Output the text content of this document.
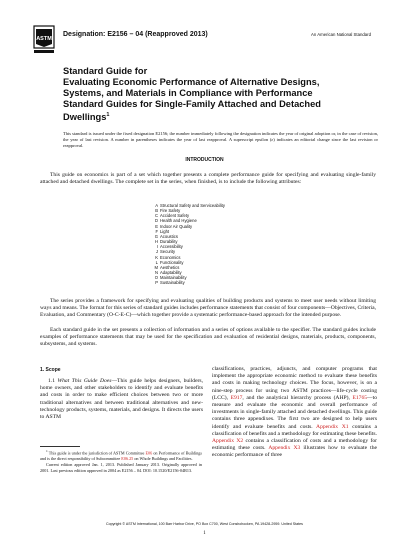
ASTM
Designation: E2156 – 04 (Reapproved 2013)	An American National Standard
Standard Guide for
Evaluating Economic Performance of Alternative Designs,
Systems, and Materials in Compliance with Performance
Standard Guides for Single-Family Attached and Detached
Dwellings$^1$
This standard is issued under the fixed designation E2156; the number immediately following the designation indicates the year of original adoption or, in the case of revision, the year of last revision. A number in parentheses indicates the year of last reapproval. A superscript epsilon (ε) indicates an editorial change since the last revision or reapproval.
INTRODUCTION
This guide on economics is part of a set which together presents a complete performance guide for specifying and evaluating single-family attached and detached dwellings. The complete set in the series, when finished, is to include the following attributes:
A Structural Safety and Serviceability
B Fire Safety
C Accident Safety
D Health and Hygiene
E Indoor Air Quality
F Light
G Acoustics
H Durability
I Accessibility
J Security
K Economics
L Functionality
M Aesthetics
N Adaptability
O Maintainability
P Sustainability
The series provides a framework for specifying and evaluating qualities of building products and systems to meet user needs without limiting ways and means. The format for this series of standard guides includes performance statements that consist of four components—Objectives, Criteria, Evaluation, and Commentary (O-C-E-C)—which together provide a systematic performance-based approach for the intended purpose.
Each standard guide in the set presents a collection of information and a series of options available to the specifier. The standard guides include examples of performance statements that may be used for the specification and evaluation of residential designs, materials, products, components, subsystems, and systems.
1. Scope

1.1 What This Guide Does—This guide helps designers, builders, home owners, and other stakeholders to identify and evaluate benefits and costs in order to make efficient choices between two or more traditional alternatives and between traditional alternatives and new-technology products, systems, materials, and designs. It directs the users to ASTM

classifications, practices, adjuncts, and computer programs that implement the appropriate economic method to evaluate these benefits and costs in making technology choices. The focus, however, is on a nine-step process for using two ASTM practices—life-cycle costing (LCC), E917, and the analytical hierarchy process (AHP), E1765—to measure and evaluate the economic and overall performance of investments in single-family attached and detached dwellings. This guide contains three appendixes. The first two are designed to help users identify and evaluate benefits and costs. Appendix X1 contains a classification of benefits and a methodology for estimating these benefits. Appendix X2 contains a classification of costs and a methodology for estimating these costs. Appendix X3 illustrates how to evaluate the economic performance of three

$^1$ This guide is under the jurisdiction of ASTM Committee E06 on Performance of Buildings and is the direct responsibility of Subcommittee E06.25 on Whole Buildings and Facilities.

Current edition approved Jan. 1, 2013. Published January 2013. Originally approved in 2001. Last previous edition approved in 2004 as E2156 – 04. DOI: 10.1520/E2156-04R13.

Copyright © ASTM International, 100 Barr Harbor Drive, PO Box C700, West Conshohocken, PA 19428-2959. United States
1
